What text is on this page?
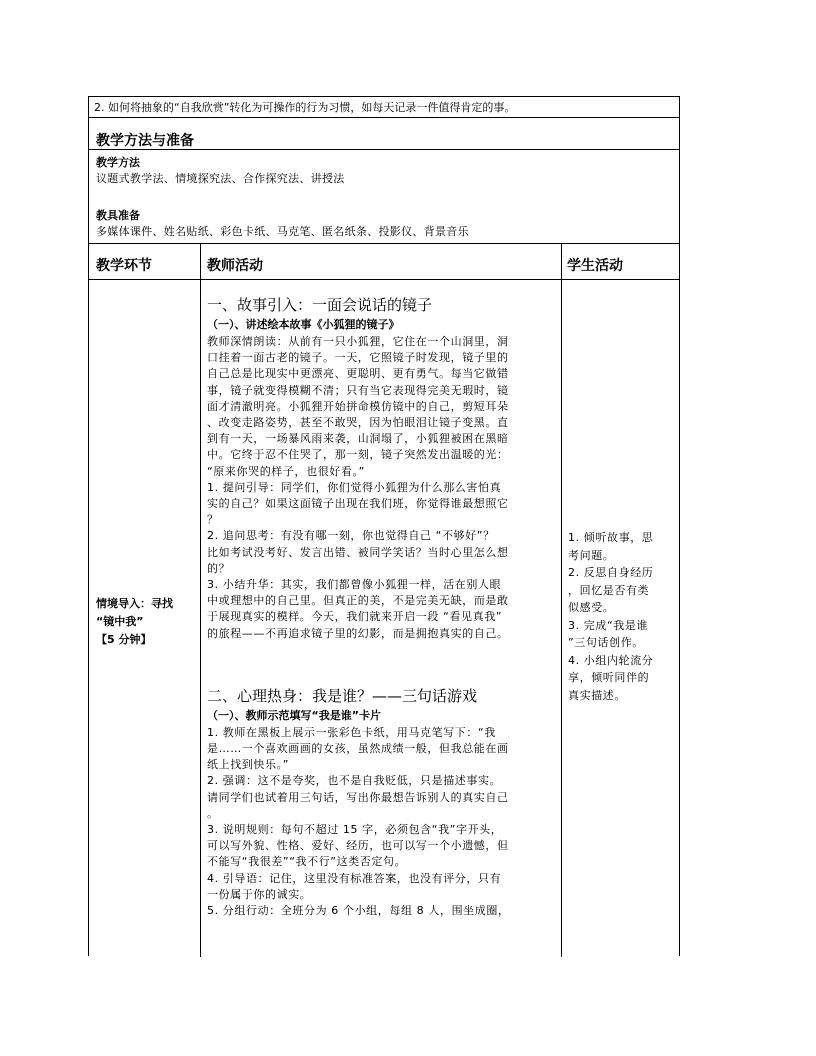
2. 如何将抽象的“自我欣赏”转化为可操作的行为习惯，如每天记录一件值得肯定的事。
教学方法与准备
教学方法
议题式教学法、情境探究法、合作探究法、讲授法
教具准备
多媒体课件、姓名贴纸、彩色卡纸、马克笔、匿名纸条、投影仪、背景音乐
教学环节	教师活动	学生活动
情境导入：寻找
“镜中我”
【5 分钟】

一、故事引入：一面会说话的镜子

（一）、讲述绘本故事《小狐狸的镜子》

教师深情朗读：从前有一只小狐狸，它住在一个山洞里，洞

口挂着一面古老的镜子。一天，它照镜子时发现，镜子里的

自己总是比现实中更漂亮、更聪明、更有勇气。每当它做错

事，镜子就变得模糊不清；只有当它表现得完美无瑕时，镜

面才清澈明亮。小狐狸开始拼命模仿镜中的自己，剪短耳朵

、改变走路姿势，甚至不敢哭，因为怕眼泪让镜子变黑。直

到有一天，一场暴风雨来袭，山洞塌了，小狐狸被困在黑暗

中。它终于忍不住哭了，那一刻，镜子突然发出温暖的光：

“原来你哭的样子，也很好看。”

1. 提问引导：同学们，你们觉得小狐狸为什么那么害怕真

实的自己？如果这面镜子出现在我们班，你觉得谁最想照它

？

2. 追问思考：有没有哪一刻，你也觉得自己 “不够好”？

比如考试没考好、发言出错、被同学笑话？当时心里怎么想

的？

3. 小结升华：其实，我们都曾像小狐狸一样，活在别人眼

中或理想中的自己里。但真正的美，不是完美无缺，而是敢

于展现真实的模样。今天，我们就来开启一段 “看见真我”

的旅程——不再追求镜子里的幻影，而是拥抱真实的自己。

二、心理热身：我是谁？——三句话游戏

（一）、教师示范填写“我是谁”卡片

1. 教师在黑板上展示一张彩色卡纸，用马克笔写下：“我

是……一个喜欢画画的女孩，虽然成绩一般，但我总能在画

纸上找到快乐。”

2. 强调：这不是夸奖，也不是自我贬低，只是描述事实。

请同学们也试着用三句话，写出你最想告诉别人的真实自己

。

3. 说明规则：每句不超过 15 字，必须包含“我”字开头，

可以写外貌、性格、爱好、经历，也可以写一个小遗憾，但

不能写“我很差”“我不行”这类否定句。

4. 引导语：记住，这里没有标准答案，也没有评分，只有

一份属于你的诚实。

5. 分组行动：全班分为 6 个小组，每组 8 人，围坐成圈，

1. 倾听故事，思

考问题。

2. 反思自身经历

，回忆是否有类

似感受。

3. 完成“我是谁

”三句话创作。

4. 小组内轮流分

享，倾听同伴的

真实描述。
